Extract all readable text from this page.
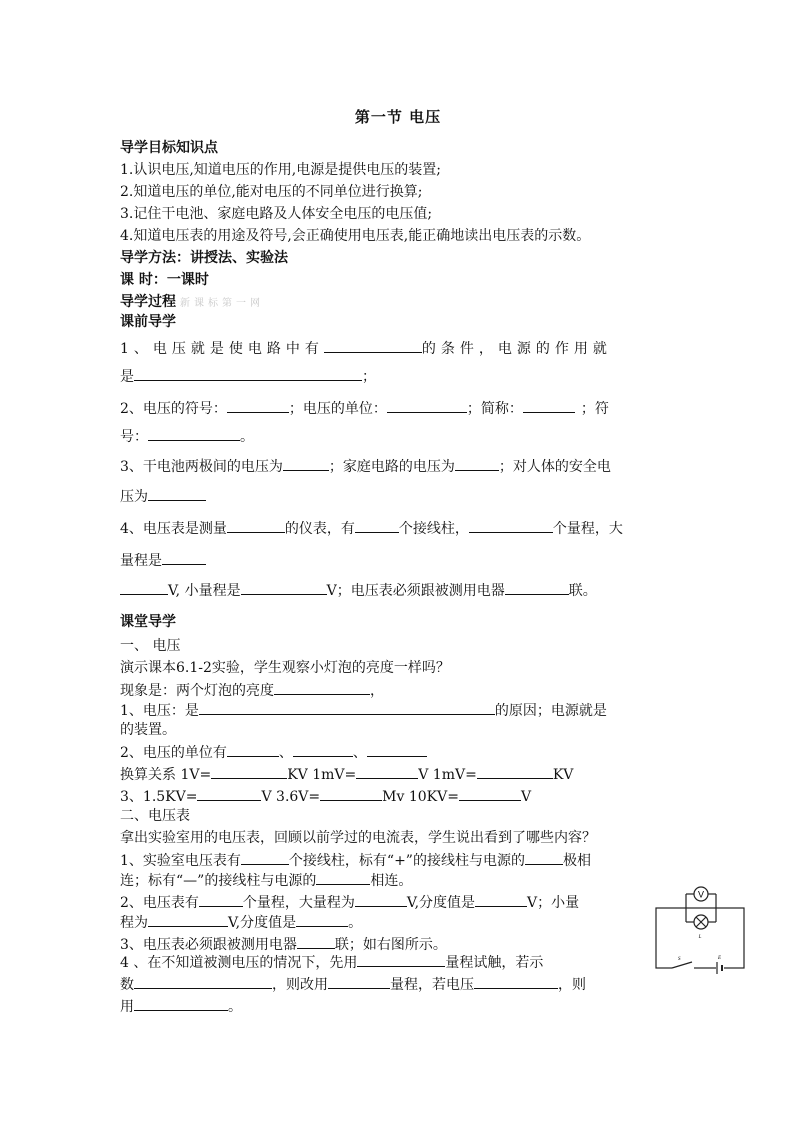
第一节 电压
导学目标知识点
1.认识电压,知道电压的作用,电源是提供电压的装置;
2.知道电压的单位,能对电压的不同单位进行换算;
3.记住干电池、家庭电路及人体安全电压的电压值;
4.知道电压表的用途及符号,会正确使用电压表,能正确地读出电压表的示数。
导学方法：讲授法、实验法
课 时：一课时
导学过程 新课标第一网
课前导学
1、电压就是使电路中有	的条件，电源的作用就
是	；
2、电压的符号：	；电压的单位：	；简称：	；符
号：	。
3、干电池两极间的电压为	；家庭电路的电压为	；对人体的安全电
压为
4、电压表是测量	的仪表，有	个接线柱，	个量程，大
量程是
V, 小量程是	V；电压表必须跟被测用电器	联。
课堂导学
一、 电压
演示课本6.1-2实验，学生观察小灯泡的亮度一样吗？
现象是：两个灯泡的亮度	，
1、电压：是	的原因；电源就是
的装置。
2、电压的单位有	、	、
换算关系 1V=	KV 1mV=	V 1mV=	KV
3、1.5KV=	V 3.6V=	Mv 10KV=	V
二、电压表
拿出实验室用的电压表，回顾以前学过的电流表，学生说出看到了哪些内容？
1、实验室电压表有	个接线柱，标有“+”的接线柱与电源的	极相
连；标有“—”的接线柱与电源的	相连。
2、电压表有	个量程，大量程为	V,分度值是	V；小量
程为	V,分度值是	。
3、电压表必须跟被测用电器	联；如右图所示。
4 、在不知道被测电压的情况下，先用	量程试触，若示
数	，则改用	量程，若电压	，则
用	。
V
L
S	E
